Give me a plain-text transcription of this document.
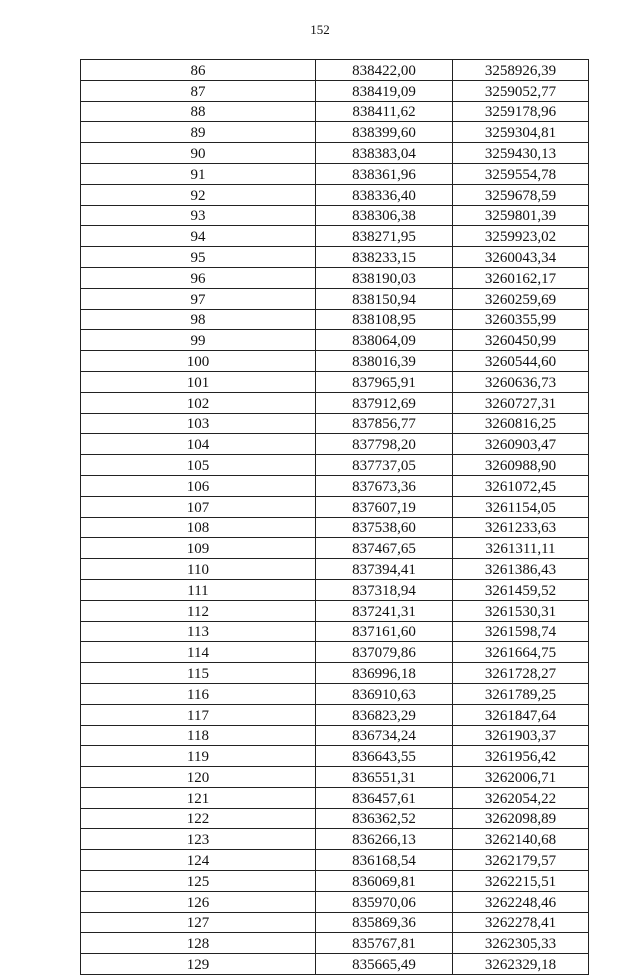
152
86	838422,00	3258926,39
87	838419,09	3259052,77
88	838411,62	3259178,96
89	838399,60	3259304,81
90	838383,04	3259430,13
91	838361,96	3259554,78
92	838336,40	3259678,59
93	838306,38	3259801,39
94	838271,95	3259923,02
95	838233,15	3260043,34
96	838190,03	3260162,17
97	838150,94	3260259,69
98	838108,95	3260355,99
99	838064,09	3260450,99
100	838016,39	3260544,60
101	837965,91	3260636,73
102	837912,69	3260727,31
103	837856,77	3260816,25
104	837798,20	3260903,47
105	837737,05	3260988,90
106	837673,36	3261072,45
107	837607,19	3261154,05
108	837538,60	3261233,63
109	837467,65	3261311,11
110	837394,41	3261386,43
111	837318,94	3261459,52
112	837241,31	3261530,31
113	837161,60	3261598,74
114	837079,86	3261664,75
115	836996,18	3261728,27
116	836910,63	3261789,25
117	836823,29	3261847,64
118	836734,24	3261903,37
119	836643,55	3261956,42
120	836551,31	3262006,71
121	836457,61	3262054,22
122	836362,52	3262098,89
123	836266,13	3262140,68
124	836168,54	3262179,57
125	836069,81	3262215,51
126	835970,06	3262248,46
127	835869,36	3262278,41
128	835767,81	3262305,33
129	835665,49	3262329,18
